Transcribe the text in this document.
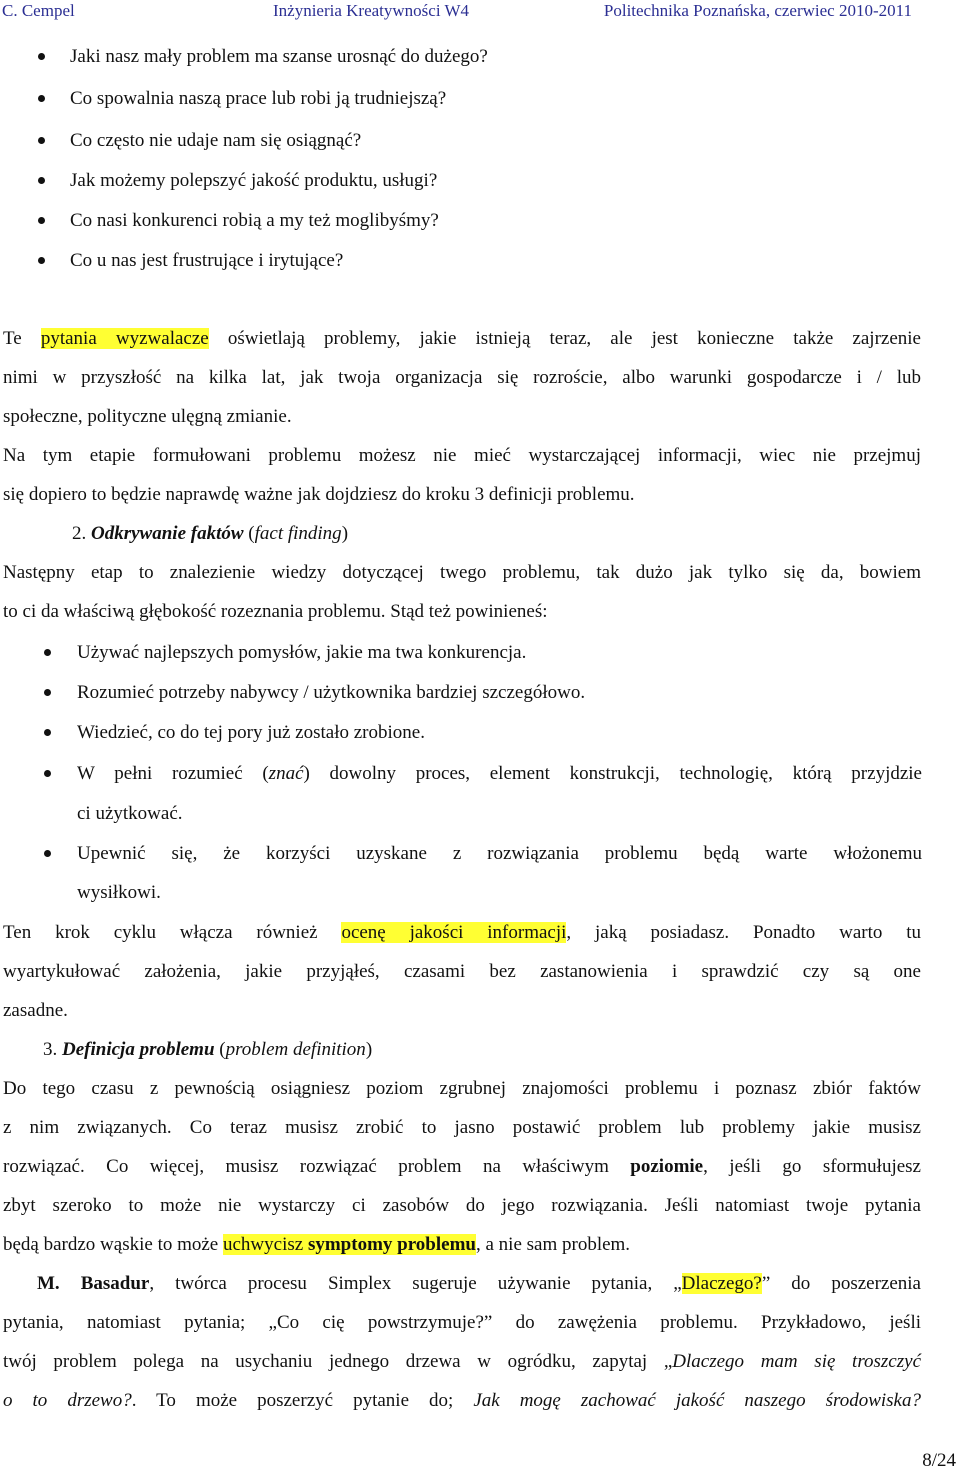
C. Cempel	Inżynieria Kreatywności W4	Politechnika Poznańska, czerwiec 2010-2011
Jaki nasz mały problem ma szanse urosnąć do dużego?
Co spowalnia naszą prace lub robi ją trudniejszą?
Co często nie udaje nam się osiągnąć?
Jak możemy polepszyć jakość produktu, usługi?
Co nasi konkurenci robią a my też moglibyśmy?
Co u nas jest frustrujące i irytujące?
Te pytania wyzwalacze oświetlają problemy, jakie istnieją teraz, ale jest konieczne także zajrzenie
nimi w przyszłość na kilka lat, jak twoja organizacja się rozroście, albo warunki gospodarcze i / lub
społeczne, polityczne ulęgną zmianie.
Na tym etapie formułowani problemu możesz nie mieć wystarczającej informacji, wiec nie przejmuj
się dopiero to będzie naprawdę ważne jak dojdziesz do kroku 3 definicji problemu.
2. Odkrywanie faktów (fact finding)
Następny etap to znalezienie wiedzy dotyczącej twego problemu, tak dużo jak tylko się da, bowiem
to ci da właściwą głębokość rozeznania problemu. Stąd też powinieneś:
Używać najlepszych pomysłów, jakie ma twa konkurencja.
Rozumieć potrzeby nabywcy / użytkownika bardziej szczegółowo.
Wiedzieć, co do tej pory już zostało zrobione.
W pełni rozumieć (znać) dowolny proces, element konstrukcji, technologię, którą przyjdzie
ci użytkować.
Upewnić się, że korzyści uzyskane z rozwiązania problemu będą warte włożonemu
wysiłkowi.
Ten krok cyklu włącza również ocenę jakości informacji, jaką posiadasz. Ponadto warto tu
wyartykułować założenia, jakie przyjąłeś, czasami bez zastanowienia i sprawdzić czy są one
zasadne.
3. Definicja problemu (problem definition)
Do tego czasu z pewnością osiągniesz poziom zgrubnej znajomości problemu i poznasz zbiór faktów
z nim związanych. Co teraz musisz zrobić to jasno postawić problem lub problemy jakie musisz
rozwiązać. Co więcej, musisz rozwiązać problem na właściwym poziomie, jeśli go sformułujesz
zbyt szeroko to może nie wystarczy ci zasobów do jego rozwiązania. Jeśli natomiast twoje pytania
będą bardzo wąskie to może uchwycisz symptomy problemu, a nie sam problem.
M. Basadur, twórca procesu Simplex sugeruje używanie pytania, „Dlaczego?” do poszerzenia
pytania, natomiast pytania; „Co cię powstrzymuje?” do zawężenia problemu. Przykładowo, jeśli
twój problem polega na usychaniu jednego drzewa w ogródku, zapytaj „Dlaczego mam się troszczyć
o to drzewo?. To może poszerzyć pytanie do; Jak mogę zachować jakość naszego środowiska?
8/24
